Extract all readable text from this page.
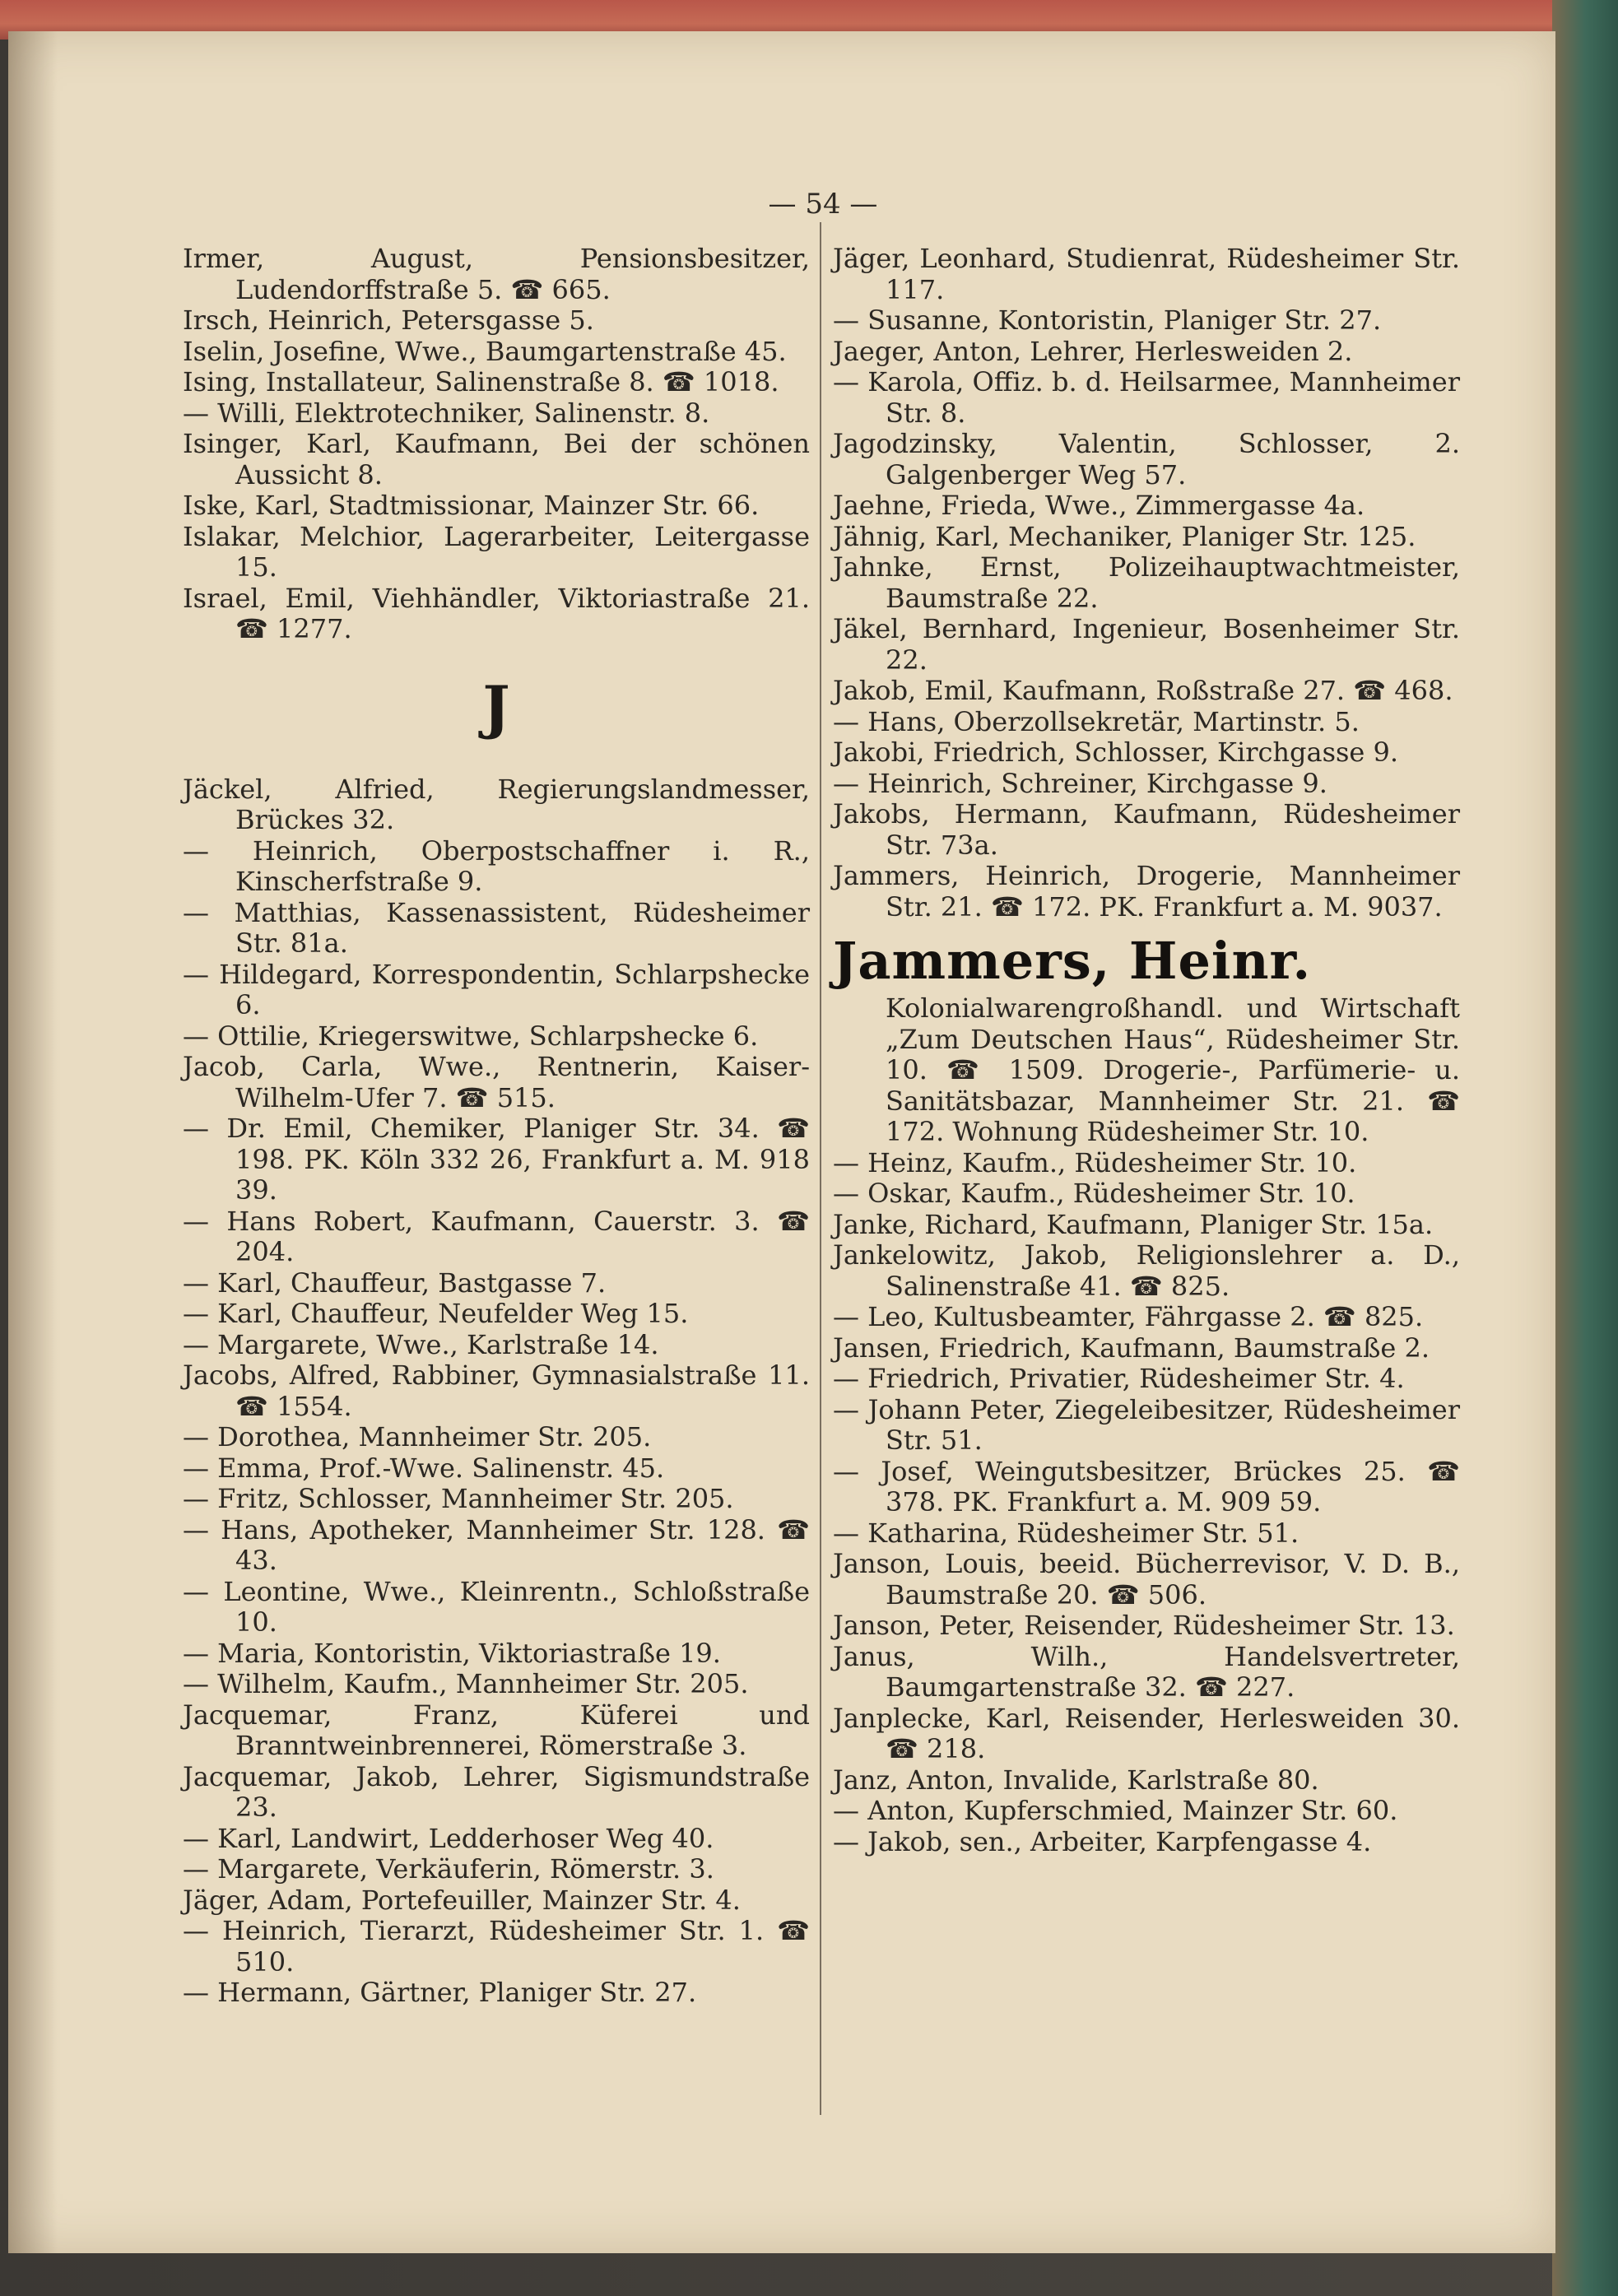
— 54 —

Irmer, August, Pensionsbesitzer, Ludendorffstraße 5. ☎ 665.

Irsch, Heinrich, Petersgasse 5.

Iselin, Josefine, Wwe., Baumgartenstraße 45.

Ising, Installateur, Salinenstraße 8. ☎ 1018.

— Willi, Elektrotechniker, Salinenstr. 8.

Isinger, Karl, Kaufmann, Bei der schönen Aussicht 8.

Iske, Karl, Stadtmissionar, Mainzer Str. 66.

Islakar, Melchior, Lagerarbeiter, Leitergasse 15.

Israel, Emil, Viehhändler, Viktoriastraße 21. ☎ 1277.

J

Jäckel, Alfried, Regierungslandmesser, Brückes 32.

— Heinrich, Oberpostschaffner i. R., Kinscherfstraße 9.

— Matthias, Kassenassistent, Rüdesheimer Str. 81a.

— Hildegard, Korrespondentin, Schlarpshecke 6.

— Ottilie, Kriegerswitwe, Schlarpshecke 6.

Jacob, Carla, Wwe., Rentnerin, Kaiser-Wilhelm-Ufer 7. ☎ 515.

— Dr. Emil, Chemiker, Planiger Str. 34. ☎ 198. PK. Köln 332 26, Frankfurt a. M. 918 39.

— Hans Robert, Kaufmann, Cauerstr. 3. ☎ 204.

— Karl, Chauffeur, Bastgasse 7.

— Karl, Chauffeur, Neufelder Weg 15.

— Margarete, Wwe., Karlstraße 14.

Jacobs, Alfred, Rabbiner, Gymnasialstraße 11. ☎ 1554.

— Dorothea, Mannheimer Str. 205.

— Emma, Prof.-Wwe. Salinenstr. 45.

— Fritz, Schlosser, Mannheimer Str. 205.

— Hans, Apotheker, Mannheimer Str. 128. ☎ 43.

— Leontine, Wwe., Kleinrentn., Schloßstraße 10.

— Maria, Kontoristin, Viktoriastraße 19.

— Wilhelm, Kaufm., Mannheimer Str. 205.

Jacquemar, Franz, Küferei und Branntweinbrennerei, Römerstraße 3.

Jacquemar, Jakob, Lehrer, Sigismundstraße 23.

— Karl, Landwirt, Ledderhoser Weg 40.

— Margarete, Verkäuferin, Römerstr. 3.

Jäger, Adam, Portefeuiller, Mainzer Str. 4.

— Heinrich, Tierarzt, Rüdesheimer Str. 1. ☎ 510.

— Hermann, Gärtner, Planiger Str. 27.

Jäger, Leonhard, Studienrat, Rüdesheimer Str. 117.

— Susanne, Kontoristin, Planiger Str. 27.

Jaeger, Anton, Lehrer, Herlesweiden 2.

— Karola, Offiz. b. d. Heilsarmee, Mannheimer Str. 8.

Jagodzinsky, Valentin, Schlosser, 2. Galgenberger Weg 57.

Jaehne, Frieda, Wwe., Zimmergasse 4a.

Jähnig, Karl, Mechaniker, Planiger Str. 125.

Jahnke, Ernst, Polizeihauptwachtmeister, Baumstraße 22.

Jäkel, Bernhard, Ingenieur, Bosenheimer Str. 22.

Jakob, Emil, Kaufmann, Roßstraße 27. ☎ 468.

— Hans, Oberzollsekretär, Martinstr. 5.

Jakobi, Friedrich, Schlosser, Kirchgasse 9.

— Heinrich, Schreiner, Kirchgasse 9.

Jakobs, Hermann, Kaufmann, Rüdesheimer Str. 73a.

Jammers, Heinrich, Drogerie, Mannheimer Str. 21. ☎ 172. PK. Frankfurt a. M. 9037.

Jammers, Heinr.

Kolonialwarengroßhandl. und Wirtschaft „Zum Deutschen Haus“, Rüdesheimer Str. 10. ☎ 1509. Drogerie-, Parfümerie- u. Sanitätsbazar, Mannheimer Str. 21. ☎ 172. Wohnung Rüdesheimer Str. 10.

— Heinz, Kaufm., Rüdesheimer Str. 10.

— Oskar, Kaufm., Rüdesheimer Str. 10.

Janke, Richard, Kaufmann, Planiger Str. 15a.

Jankelowitz, Jakob, Religionslehrer a. D., Salinenstraße 41. ☎ 825.

— Leo, Kultusbeamter, Fährgasse 2. ☎ 825.

Jansen, Friedrich, Kaufmann, Baumstraße 2.

— Friedrich, Privatier, Rüdesheimer Str. 4.

— Johann Peter, Ziegeleibesitzer, Rüdesheimer Str. 51.

— Josef, Weingutsbesitzer, Brückes 25. ☎ 378. PK. Frankfurt a. M. 909 59.

— Katharina, Rüdesheimer Str. 51.

Janson, Louis, beeid. Bücherrevisor, V. D. B., Baumstraße 20. ☎ 506.

Janson, Peter, Reisender, Rüdesheimer Str. 13.

Janus, Wilh., Handelsvertreter, Baumgartenstraße 32. ☎ 227.

Janplecke, Karl, Reisender, Herlesweiden 30. ☎ 218.

Janz, Anton, Invalide, Karlstraße 80.

— Anton, Kupferschmied, Mainzer Str. 60.

— Jakob, sen., Arbeiter, Karpfengasse 4.
